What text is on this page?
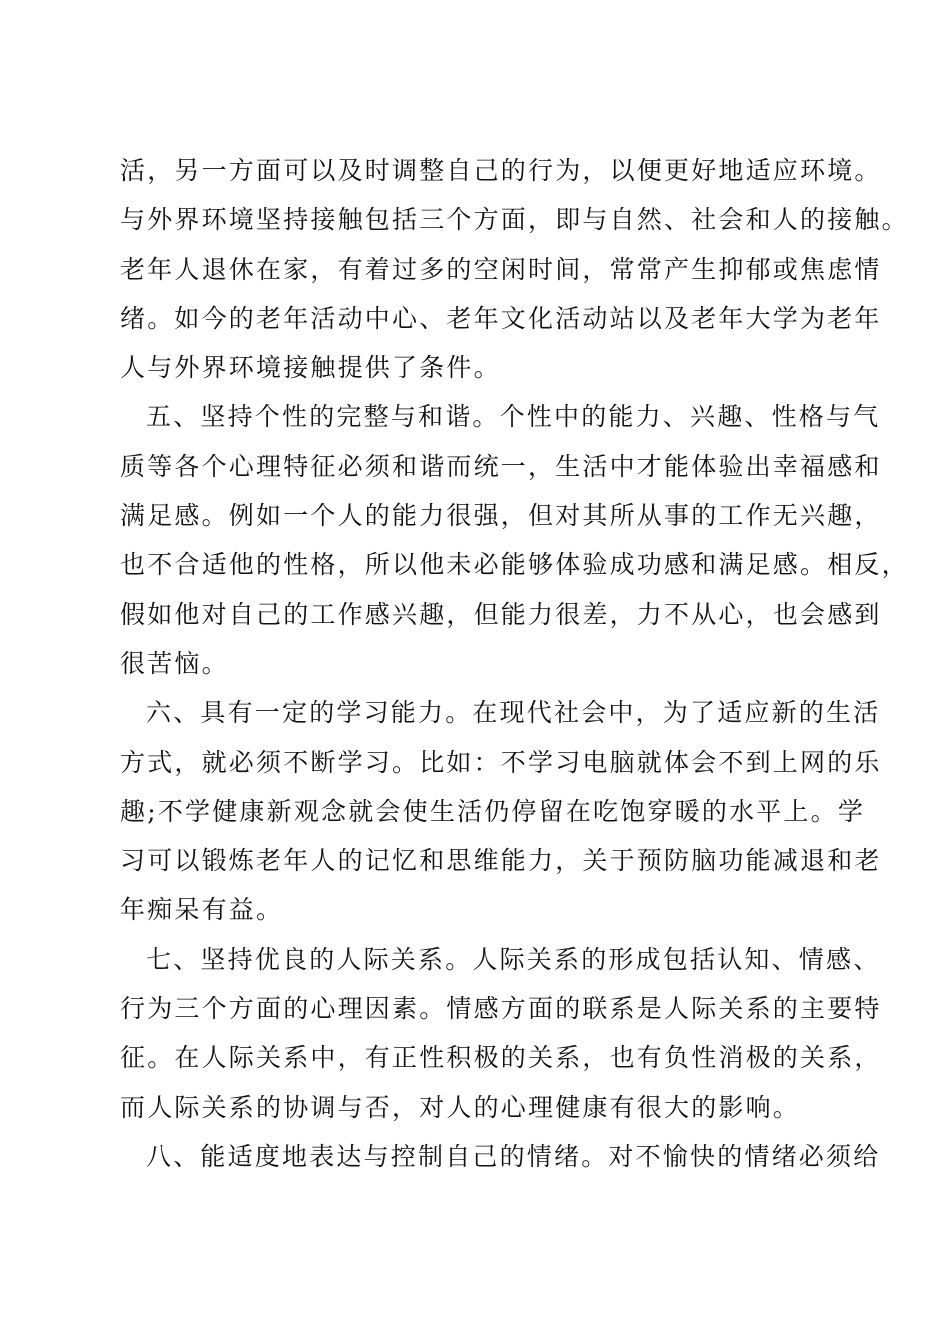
活，另一方面可以及时调整自己的行为，以便更好地适应环境。
与外界环境坚持接触包括三个方面，即与自然、社会和人的接触。
老年人退休在家，有着过多的空闲时间，常常产生抑郁或焦虑情
绪。如今的老年活动中心、老年文化活动站以及老年大学为老年
人与外界环境接触提供了条件。
五、坚持个性的完整与和谐。个性中的能力、兴趣、性格与气
质等各个心理特征必须和谐而统一，生活中才能体验出幸福感和
满足感。例如一个人的能力很强，但对其所从事的工作无兴趣，
也不合适他的性格，所以他未必能够体验成功感和满足感。相反，
假如他对自己的工作感兴趣，但能力很差，力不从心，也会感到
很苦恼。
六、具有一定的学习能力。在现代社会中，为了适应新的生活
方式，就必须不断学习。比如：不学习电脑就体会不到上网的乐
趣;不学健康新观念就会使生活仍停留在吃饱穿暖的水平上。学
习可以锻炼老年人的记忆和思维能力，关于预防脑功能减退和老
年痴呆有益。
七、坚持优良的人际关系。人际关系的形成包括认知、情感、
行为三个方面的心理因素。情感方面的联系是人际关系的主要特
征。在人际关系中，有正性积极的关系，也有负性消极的关系，
而人际关系的协调与否，对人的心理健康有很大的影响。
八、能适度地表达与控制自己的情绪。对不愉快的情绪必须给
